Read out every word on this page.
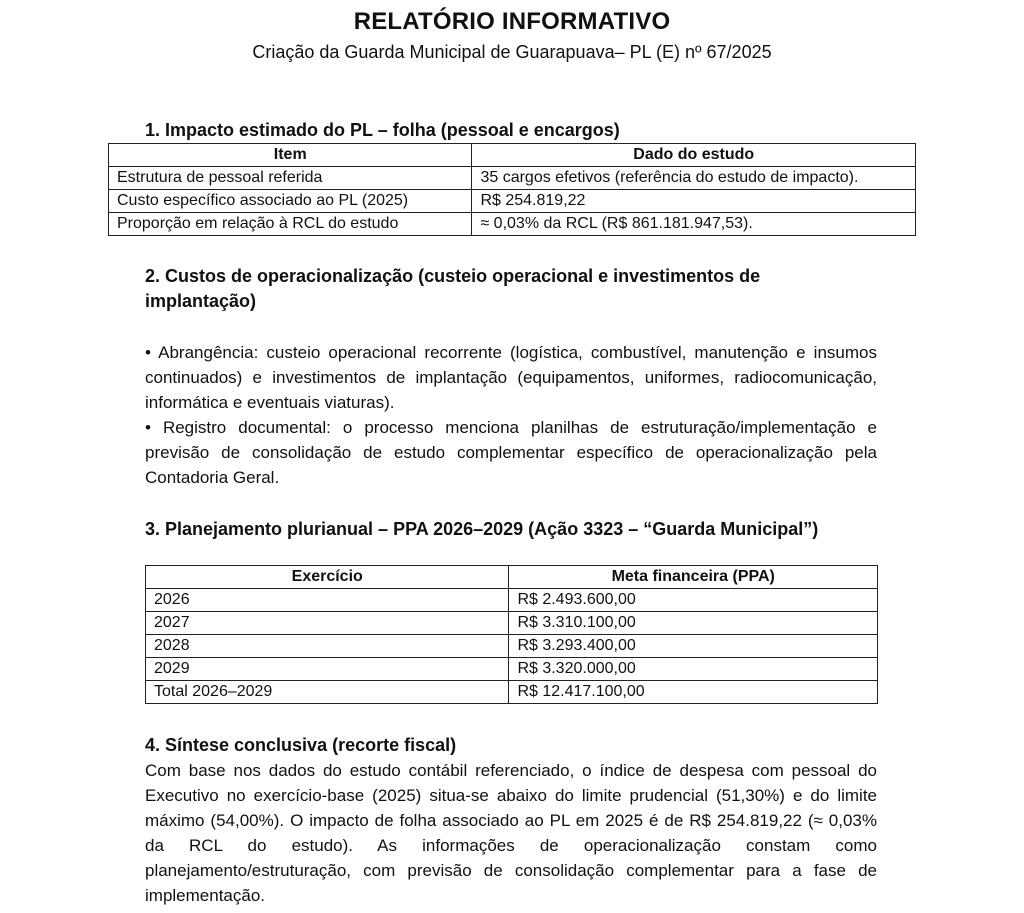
RELATÓRIO INFORMATIVO
Criação da Guarda Municipal de Guarapuava– PL (E) nº 67/2025
1. Impacto estimado do PL – folha (pessoal e encargos)
Item	Dado do estudo
Estrutura de pessoal referida	35 cargos efetivos (referência do estudo de impacto).
Custo específico associado ao PL (2025)	R$ 254.819,22
Proporção em relação à RCL do estudo	≈ 0,03% da RCL (R$ 861.181.947,53).
2. Custos de operacionalização (custeio operacional e investimentos de implantação)

• Abrangência: custeio operacional recorrente (logística, combustível, manutenção e insumos continuados) e investimentos de implantação (equipamentos, uniformes, radiocomunicação, informática e eventuais viaturas).

• Registro documental: o processo menciona planilhas de estruturação/implementação e previsão de consolidação de estudo complementar específico de operacionalização pela Contadoria Geral.

3. Planejamento plurianual – PPA 2026–2029 (Ação 3323 – “Guarda Municipal”)
Exercício	Meta financeira (PPA)
2026	R$ 2.493.600,00
2027	R$ 3.310.100,00
2028	R$ 3.293.400,00
2029	R$ 3.320.000,00
Total 2026–2029	R$ 12.417.100,00
4. Síntese conclusiva (recorte fiscal)

Com base nos dados do estudo contábil referenciado, o índice de despesa com pessoal do Executivo no exercício-base (2025) situa-se abaixo do limite prudencial (51,30%) e do limite máximo (54,00%). O impacto de folha associado ao PL em 2025 é de R$ 254.819,22 (≈ 0,03% da RCL do estudo). As informações de operacionalização constam como planejamento/estruturação, com previsão de consolidação complementar para a fase de implementação.
